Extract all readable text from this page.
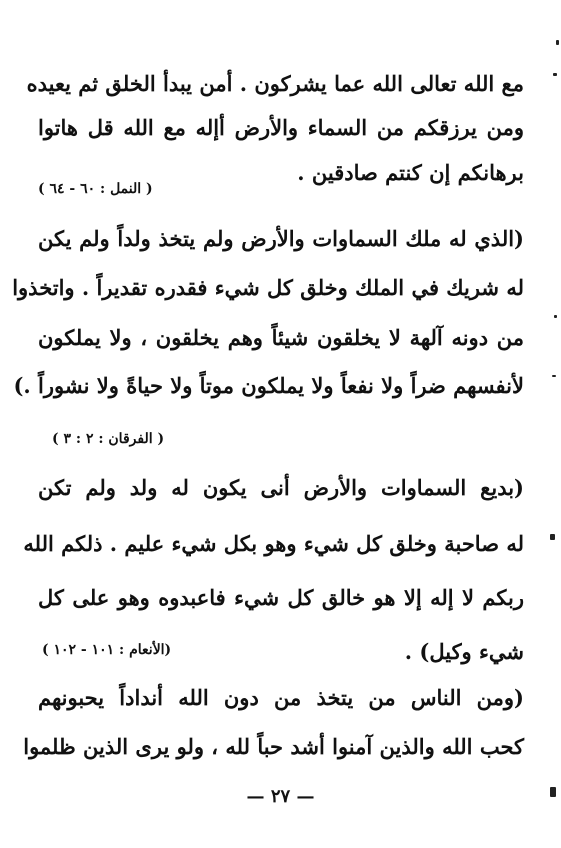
مع الله تعالى الله عما يشركون . أمن يبدأ الخلق ثم يعيده
ومن يرزقكم من السماء والأرض أإله مع الله قل هاتوا
برهانكم إن كنتم صادقين .
( النمل : ٦٠ - ٦٤ )
(الذي له ملك السماوات والأرض ولم يتخذ ولداً ولم يكن
له شريك في الملك وخلق كل شيء فقدره تقديراً . واتخذوا
من دونه آلهة لا يخلقون شيئاً وهم يخلقون ، ولا يملكون
لأنفسهم ضراً ولا نفعاً ولا يملكون موتاً ولا حياةً ولا نشوراً .)
( الفرقان : ٢ : ٣ )
(بديع السماوات والأرض أنى يكون له ولد ولم تكن
له صاحبة وخلق كل شيء وهو بكل شيء عليم . ذلكم الله
ربكم لا إله إلا هو خالق كل شيء فاعبدوه وهو على كل
شيء وكيل) .
(الأنعام : ١٠١ - ١٠٢ )
(ومن الناس من يتخذ من دون الله أنداداً يحبونهم
كحب الله والذين آمنوا أشد حباً لله ، ولو يرى الذين ظلموا
— ٢٧ —
